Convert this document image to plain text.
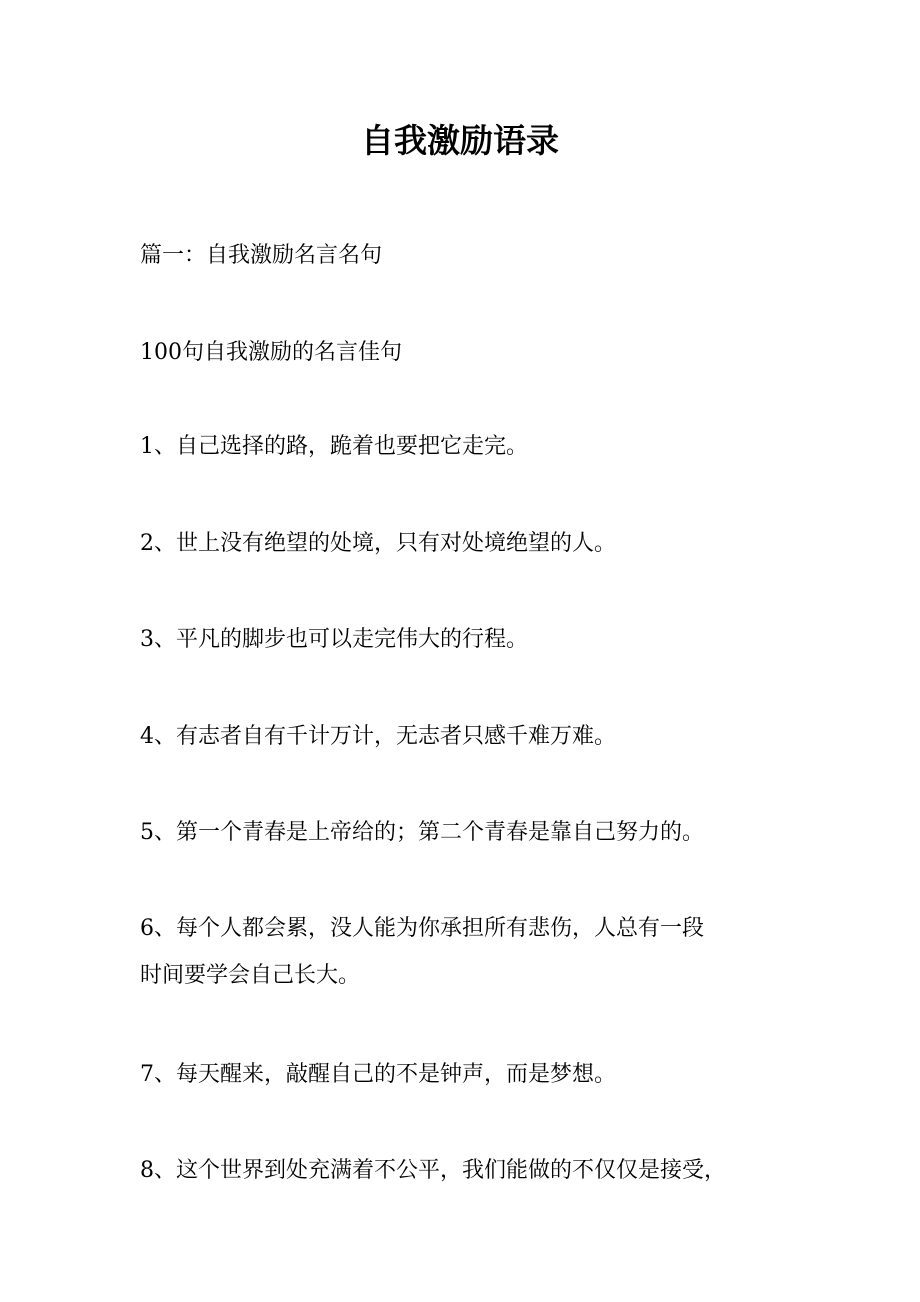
自我激励语录

篇一：自我激励名言名句

100句自我激励的名言佳句

1、自己选择的路，跪着也要把它走完。

2、世上没有绝望的处境，只有对处境绝望的人。

3、平凡的脚步也可以走完伟大的行程。

4、有志者自有千计万计，无志者只感千难万难。

5、第一个青春是上帝给的；第二个青春是靠自己努力的。

6、每个人都会累，没人能为你承担所有悲伤，人总有一段

时间要学会自己长大。

7、每天醒来，敲醒自己的不是钟声，而是梦想。

8、这个世界到处充满着不公平，我们能做的不仅仅是接受，
